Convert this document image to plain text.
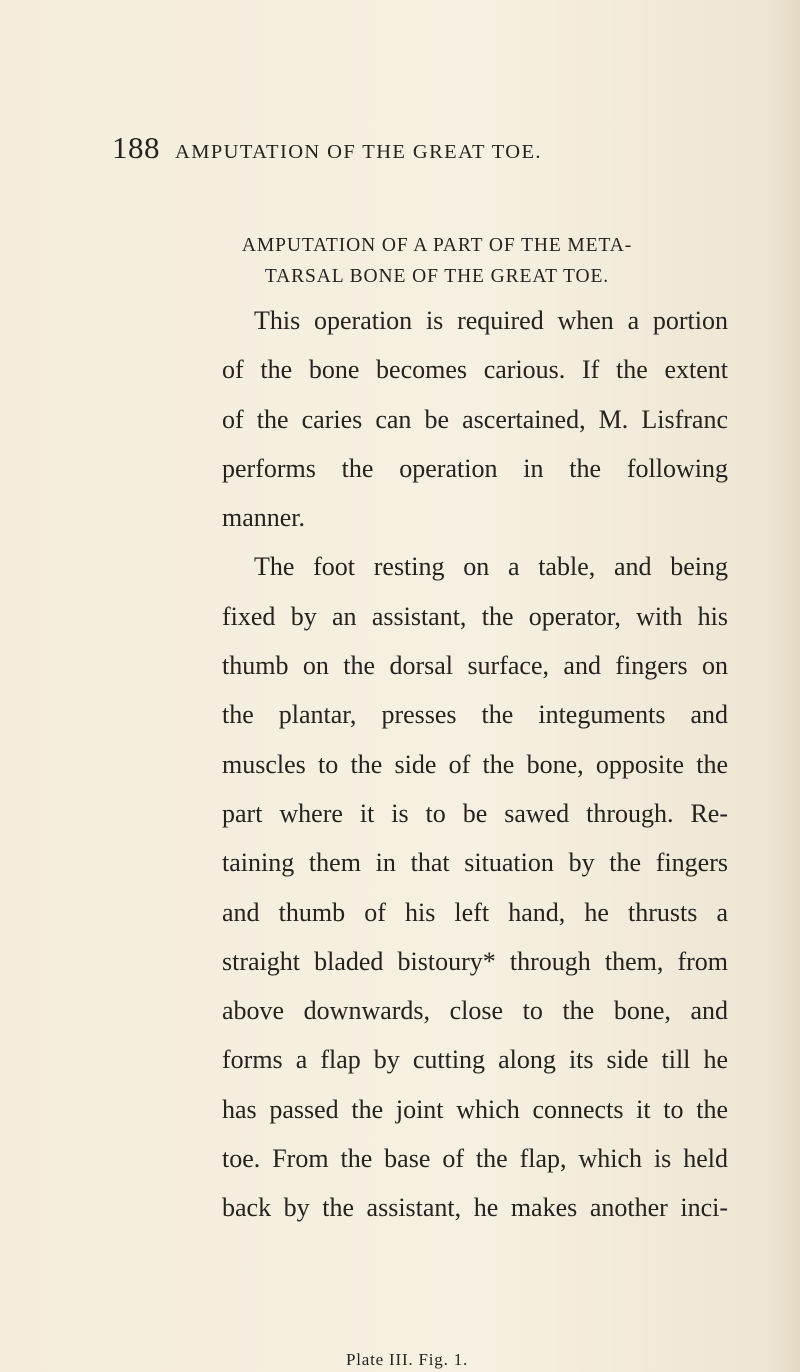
188 AMPUTATION OF THE GREAT TOE.
AMPUTATION OF A PART OF THE META-
TARSAL BONE OF THE GREAT TOE.
This operation is required when a portion
of the bone becomes carious. If the extent
of the caries can be ascertained, M. Lisfranc
performs the operation in the following
manner.
The foot resting on a table, and being
fixed by an assistant, the operator, with his
thumb on the dorsal surface, and fingers on
the plantar, presses the integuments and
muscles to the side of the bone, opposite the
part where it is to be sawed through. Re-
taining them in that situation by the fingers
and thumb of his left hand, he thrusts a
straight bladed bistoury* through them, from
above downwards, close to the bone, and
forms a flap by cutting along its side till he
has passed the joint which connects it to the
toe. From the base of the flap, which is held
back by the assistant, he makes another inci-
Plate III. Fig. 1.
